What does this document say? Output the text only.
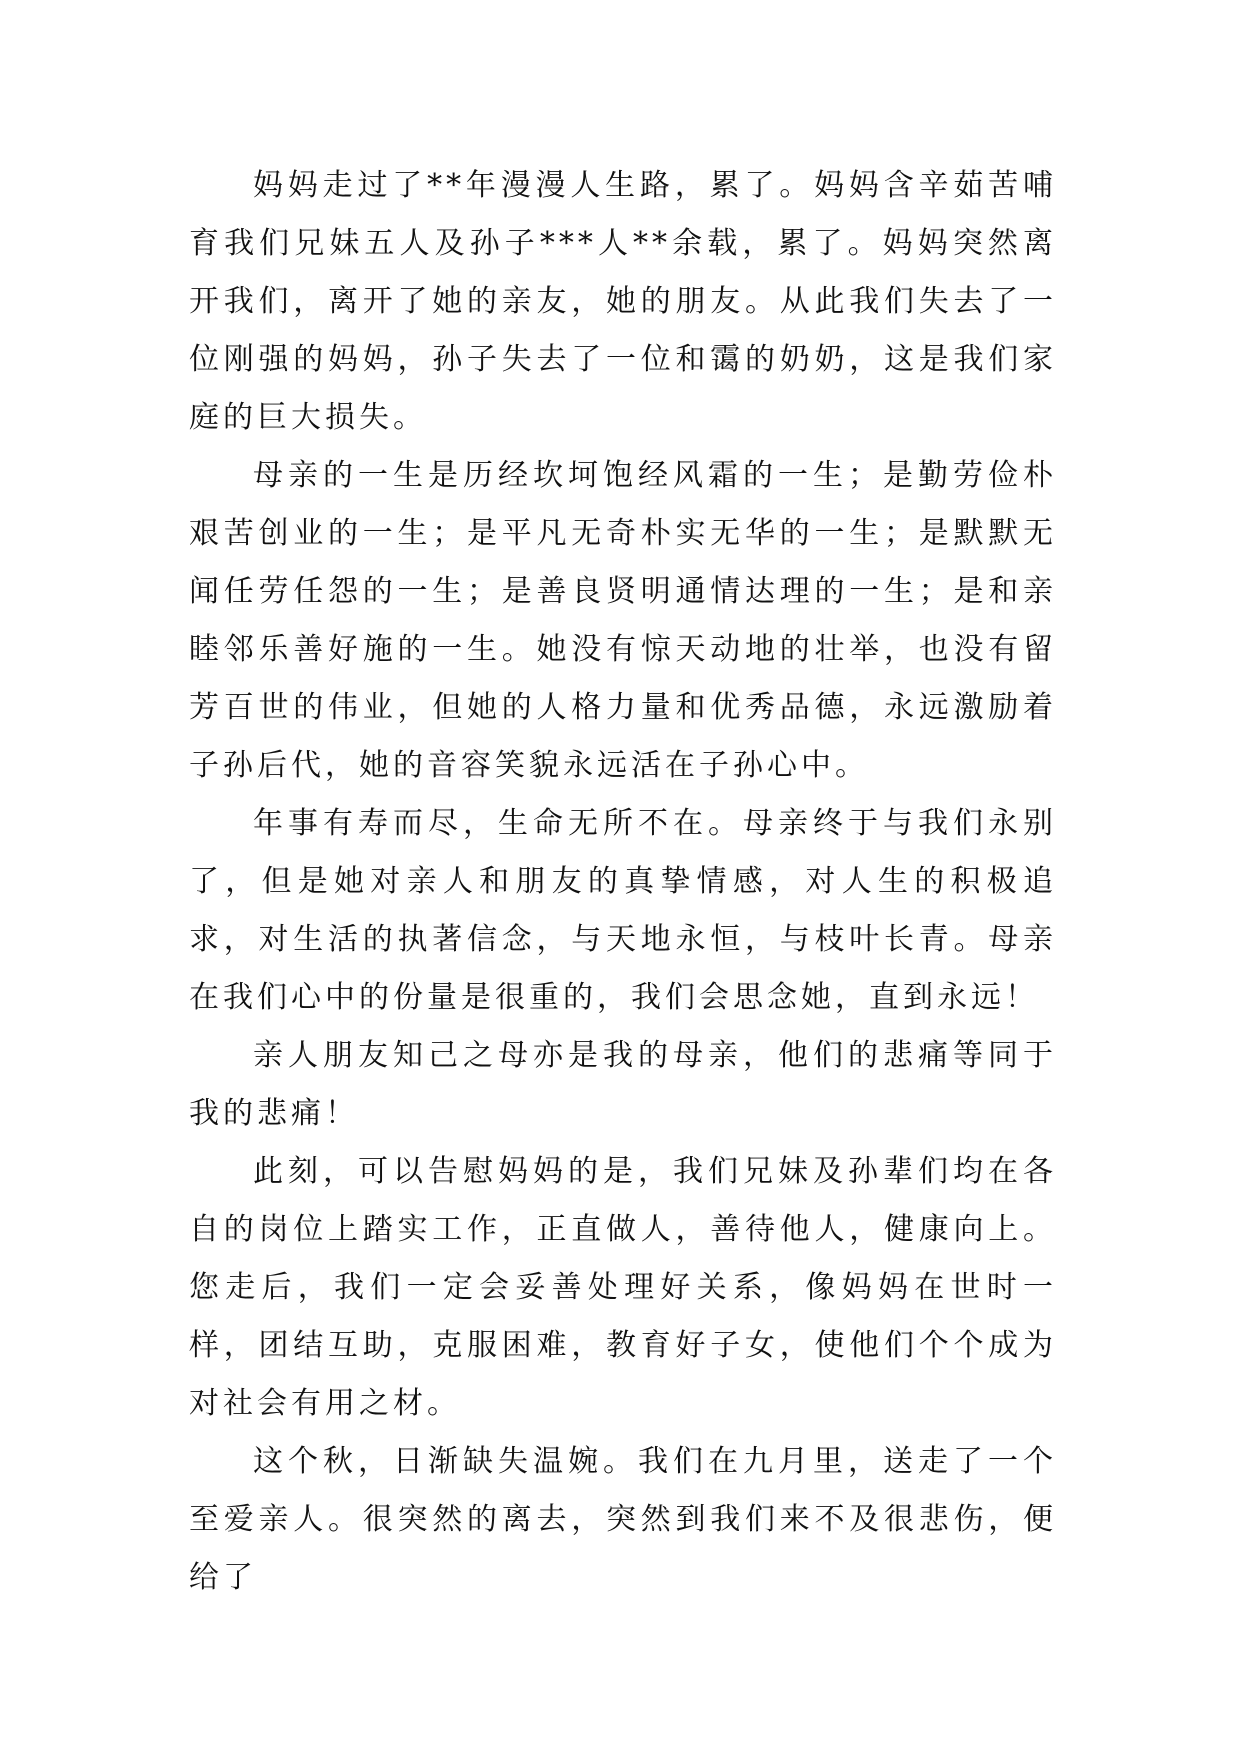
妈妈走过了**年漫漫人生路，累了。妈妈含辛茹苦哺育我们兄妹五人及孙子***人**余载，累了。妈妈突然离开我们，离开了她的亲友，她的朋友。从此我们失去了一位刚强的妈妈，孙子失去了一位和霭的奶奶，这是我们家庭的巨大损失。

母亲的一生是历经坎坷饱经风霜的一生；是勤劳俭朴艰苦创业的一生；是平凡无奇朴实无华的一生；是默默无闻任劳任怨的一生；是善良贤明通情达理的一生；是和亲睦邻乐善好施的一生。她没有惊天动地的壮举，也没有留芳百世的伟业，但她的人格力量和优秀品德，永远激励着子孙后代，她的音容笑貌永远活在子孙心中。

年事有寿而尽，生命无所不在。母亲终于与我们永别了，但是她对亲人和朋友的真挚情感，对人生的积极追求，对生活的执著信念，与天地永恒，与枝叶长青。母亲在我们心中的份量是很重的，我们会思念她，直到永远！

亲人朋友知己之母亦是我的母亲，他们的悲痛等同于我的悲痛！

此刻，可以告慰妈妈的是，我们兄妹及孙辈们均在各自的岗位上踏实工作，正直做人，善待他人，健康向上。您走后，我们一定会妥善处理好关系，像妈妈在世时一样，团结互助，克服困难，教育好子女，使他们个个成为对社会有用之材。

这个秋，日渐缺失温婉。我们在九月里，送走了一个至爱亲人。很突然的离去，突然到我们来不及很悲伤，便给了
